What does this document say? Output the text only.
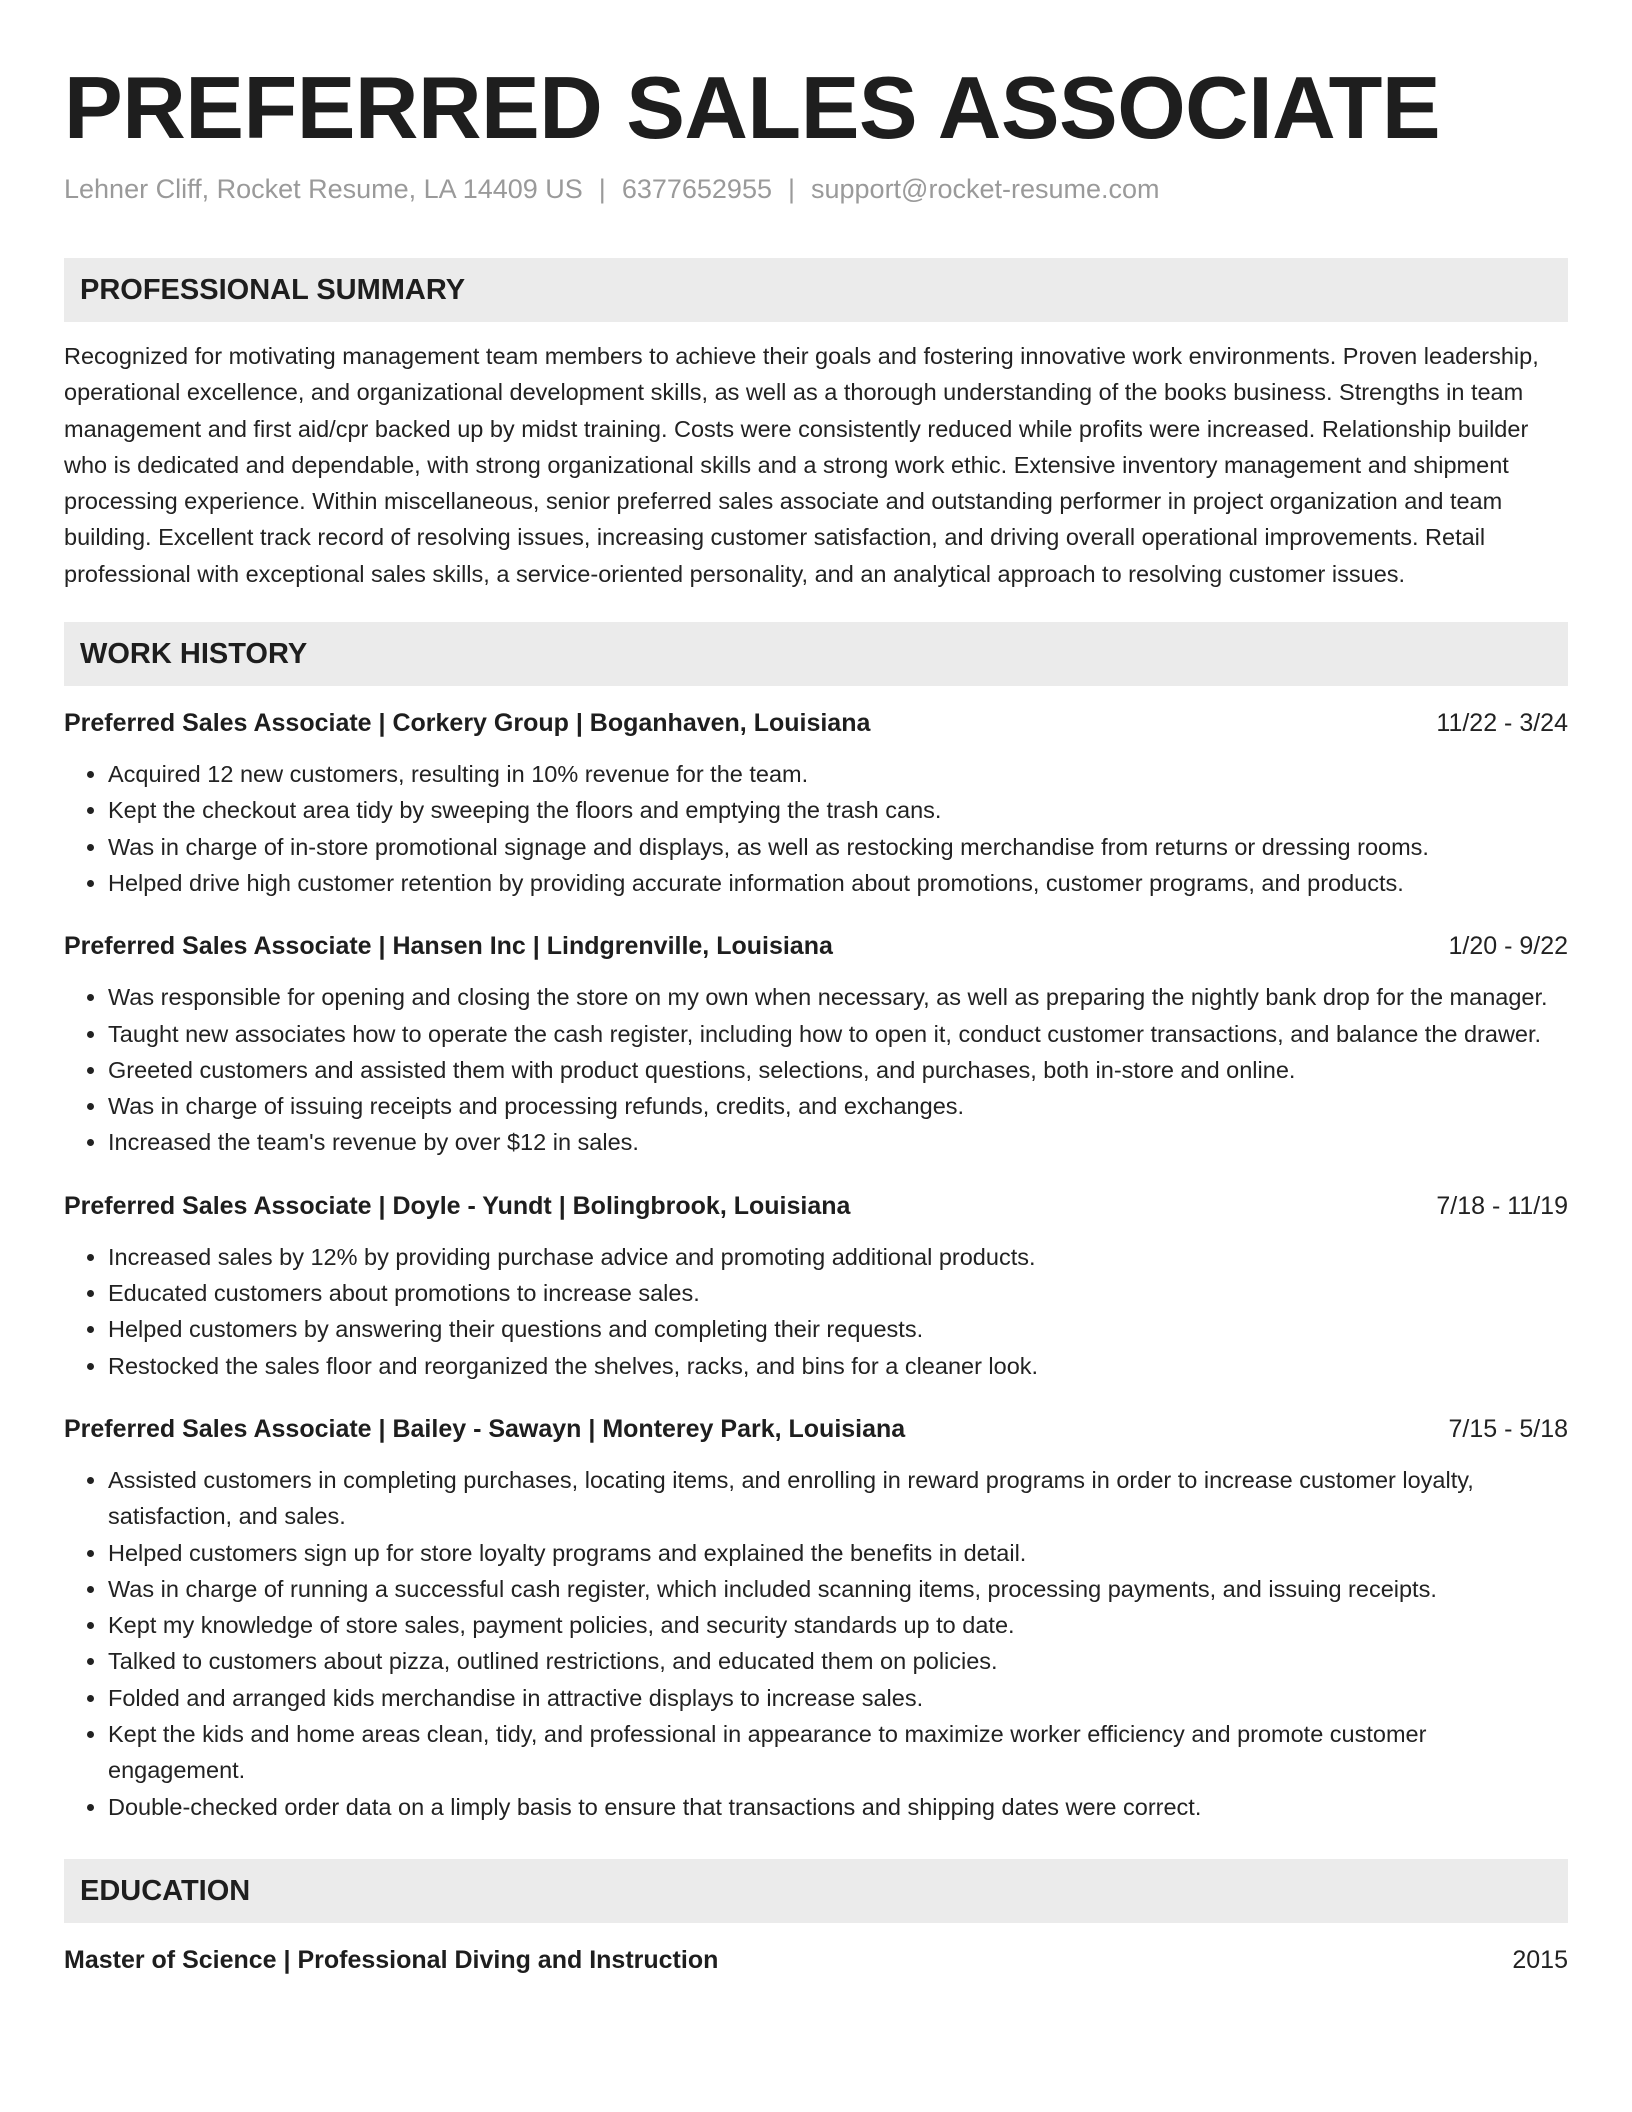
PREFERRED SALES ASSOCIATE
Lehner Cliff, Rocket Resume, LA 14409 US | 6377652955 | support@rocket-resume.com
PROFESSIONAL SUMMARY

Recognized for motivating management team members to achieve their goals and fostering innovative work environments. Proven leadership, operational excellence, and organizational development skills, as well as a thorough understanding of the books business. Strengths in team management and first aid/cpr backed up by midst training. Costs were consistently reduced while profits were increased. Relationship builder who is dedicated and dependable, with strong organizational skills and a strong work ethic. Extensive inventory management and shipment processing experience. Within miscellaneous, senior preferred sales associate and outstanding performer in project organization and team building. Excellent track record of resolving issues, increasing customer satisfaction, and driving overall operational improvements. Retail professional with exceptional sales skills, a service-oriented personality, and an analytical approach to resolving customer issues.

WORK HISTORY
Preferred Sales Associate | Corkery Group | Boganhaven, Louisiana	11/22 - 3/24
• Acquired 12 new customers, resulting in 10% revenue for the team.
• Kept the checkout area tidy by sweeping the floors and emptying the trash cans.
• Was in charge of in-store promotional signage and displays, as well as restocking merchandise from returns or dressing rooms.
• Helped drive high customer retention by providing accurate information about promotions, customer programs, and products.
Preferred Sales Associate | Hansen Inc | Lindgrenville, Louisiana	1/20 - 9/22
• Was responsible for opening and closing the store on my own when necessary, as well as preparing the nightly bank drop for the manager.
• Taught new associates how to operate the cash register, including how to open it, conduct customer transactions, and balance the drawer.
• Greeted customers and assisted them with product questions, selections, and purchases, both in-store and online.
• Was in charge of issuing receipts and processing refunds, credits, and exchanges.
• Increased the team's revenue by over $12 in sales.
Preferred Sales Associate | Doyle - Yundt | Bolingbrook, Louisiana	7/18 - 11/19
• Increased sales by 12% by providing purchase advice and promoting additional products.
• Educated customers about promotions to increase sales.
• Helped customers by answering their questions and completing their requests.
• Restocked the sales floor and reorganized the shelves, racks, and bins for a cleaner look.
Preferred Sales Associate | Bailey - Sawayn | Monterey Park, Louisiana	7/15 - 5/18
• Assisted customers in completing purchases, locating items, and enrolling in reward programs in order to increase customer loyalty, satisfaction, and sales.
• Helped customers sign up for store loyalty programs and explained the benefits in detail.
• Was in charge of running a successful cash register, which included scanning items, processing payments, and issuing receipts.
• Kept my knowledge of store sales, payment policies, and security standards up to date.
• Talked to customers about pizza, outlined restrictions, and educated them on policies.
• Folded and arranged kids merchandise in attractive displays to increase sales.
• Kept the kids and home areas clean, tidy, and professional in appearance to maximize worker efficiency and promote customer engagement.
• Double-checked order data on a limply basis to ensure that transactions and shipping dates were correct.
EDUCATION
Master of Science | Professional Diving and Instruction	2015
